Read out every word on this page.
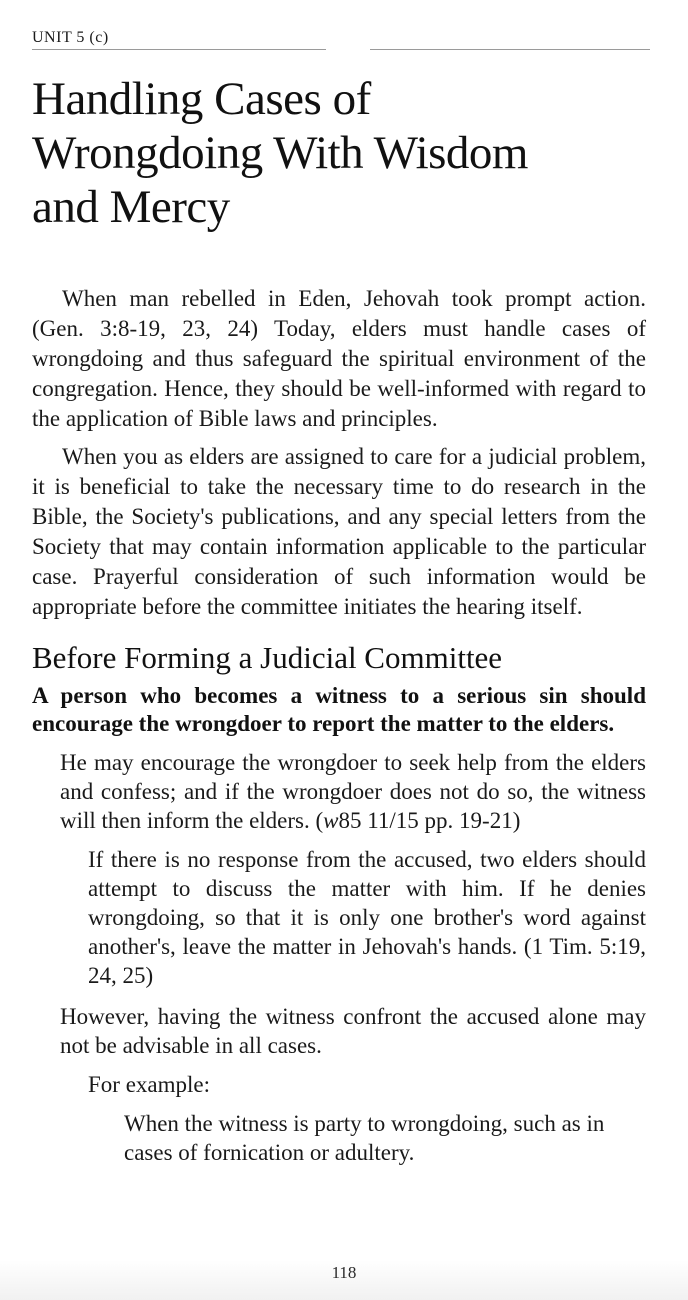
UNIT 5 (c)
Handling Cases of
Wrongdoing With Wisdom
and Mercy

When man rebelled in Eden, Jehovah took prompt action. (Gen. 3:8-19, 23, 24) Today, elders must handle cases of wrongdoing and thus safeguard the spiritual environment of the congregation. Hence, they should be well-informed with regard to the application of Bible laws and principles.

When you as elders are assigned to care for a judicial problem, it is beneficial to take the necessary time to do research in the Bible, the Society's publications, and any special letters from the Society that may contain information applicable to the particular case. Prayerful consideration of such information would be appropriate before the committee initiates the hearing itself.

Before Forming a Judicial Committee

A person who becomes a witness to a serious sin should encourage the wrongdoer to report the matter to the elders.

He may encourage the wrongdoer to seek help from the elders and confess; and if the wrongdoer does not do so, the witness will then inform the elders. (w85 11/15 pp. 19-21)

If there is no response from the accused, two elders should attempt to discuss the matter with him. If he denies wrongdoing, so that it is only one brother's word against another's, leave the matter in Jehovah's hands. (1 Tim. 5:19, 24, 25)

However, having the witness confront the accused alone may not be advisable in all cases.

For example:

When the witness is party to wrongdoing, such as in cases of fornication or adultery.

118
